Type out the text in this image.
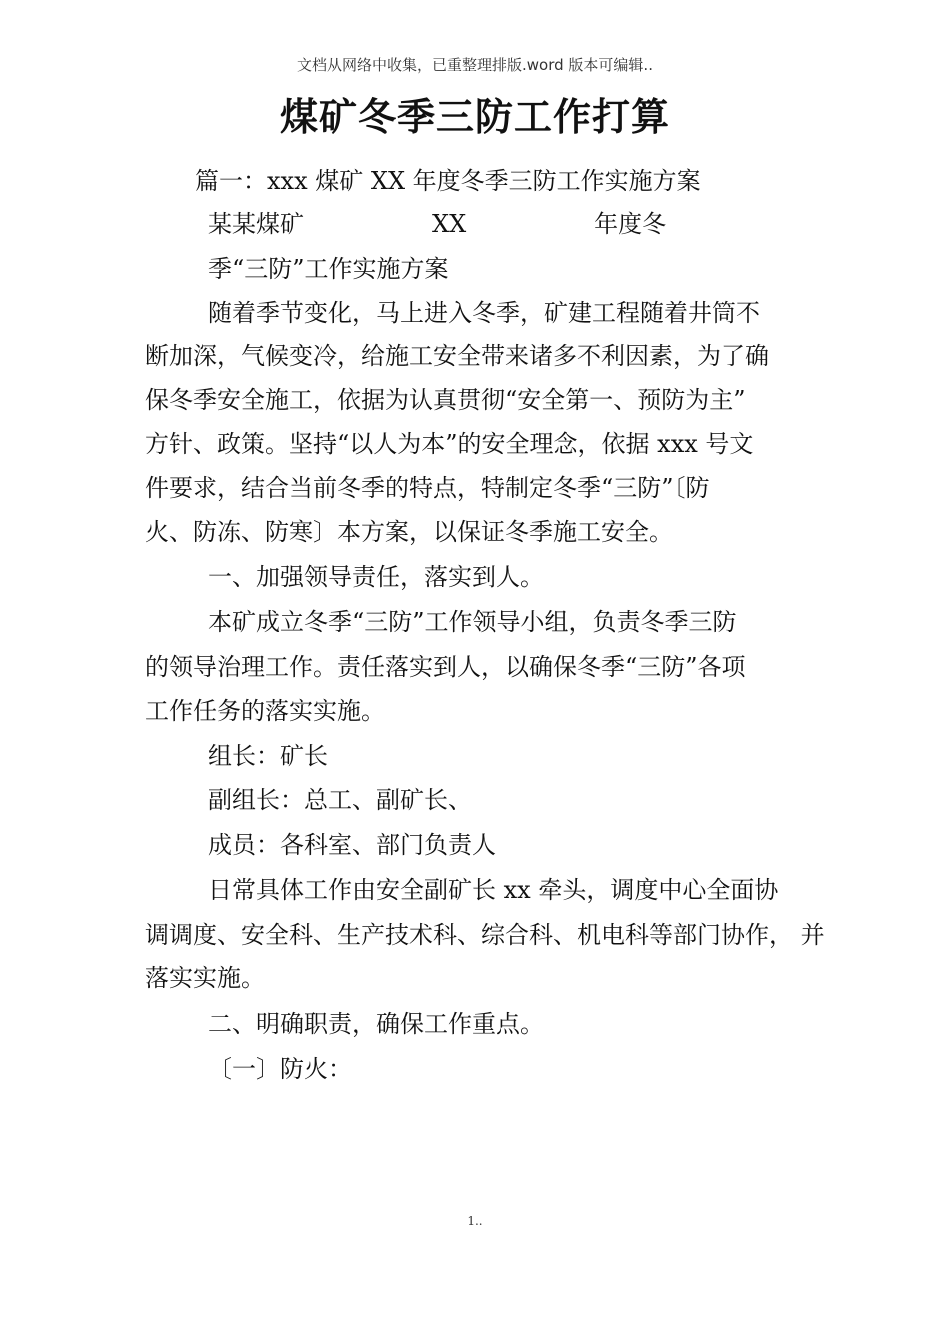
文档从网络中收集，已重整理排版.word 版本可编辑..
煤矿冬季三防工作打算
篇一：xxx 煤矿 XX 年度冬季三防工作实施方案
某某煤矿	XX	年度冬
季“三防”工作实施方案
随着季节变化，马上进入冬季，矿建工程随着井筒不
断加深，气候变冷，给施工安全带来诸多不利因素，为了确
保冬季安全施工，依据为认真贯彻“安全第一、预防为主”
方针、政策。坚持“以人为本”的安全理念，依据 xxx 号文
件要求，结合当前冬季的特点，特制定冬季“三防”〔防
火、防冻、防寒〕本方案，以保证冬季施工安全。
一、加强领导责任，落实到人。
本矿成立冬季“三防”工作领导小组，负责冬季三防
的领导治理工作。责任落实到人，以确保冬季“三防”各项
工作任务的落实实施。
组长：矿长
副组长：总工、副矿长、
成员：各科室、部门负责人
日常具体工作由安全副矿长 xx 牵头，调度中心全面协
调调度、安全科、生产技术科、综合科、机电科等部门协作， 并
落实实施。
二、明确职责，确保工作重点。
〔一〕防火：
1..
